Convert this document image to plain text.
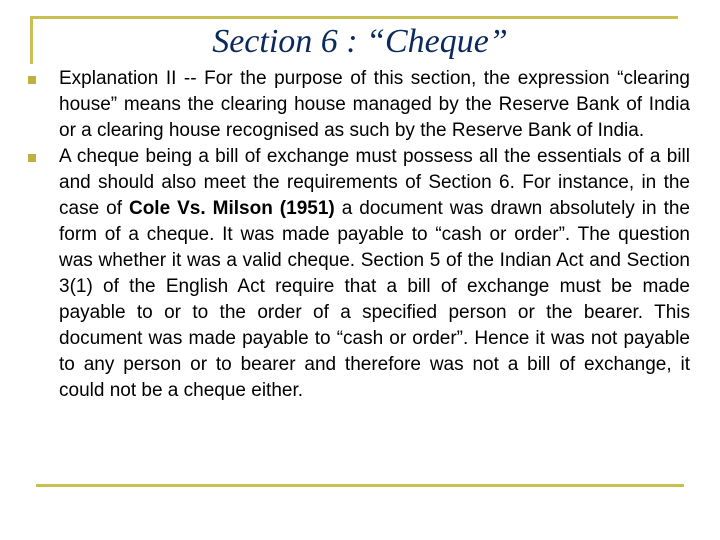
Section 6 : “Cheque”
Explanation II -- For the purpose of this section, the expression “clearing house” means the clearing house managed by the Reserve Bank of India or a clearing house recognised as such by the Reserve Bank of India.
A cheque being a bill of exchange must possess all the essentials of a bill and should also meet the requirements of Section 6. For instance, in the case of Cole Vs. Milson (1951) a document was drawn absolutely in the form of a cheque. It was made payable to “cash or order”. The question was whether it was a valid cheque. Section 5 of the Indian Act and Section 3(1) of the English Act require that a bill of exchange must be made payable to or to the order of a specified person or the bearer. This document was made payable to “cash or order”. Hence it was not payable to any person or to bearer and therefore was not a bill of exchange, it could not be a cheque either.
